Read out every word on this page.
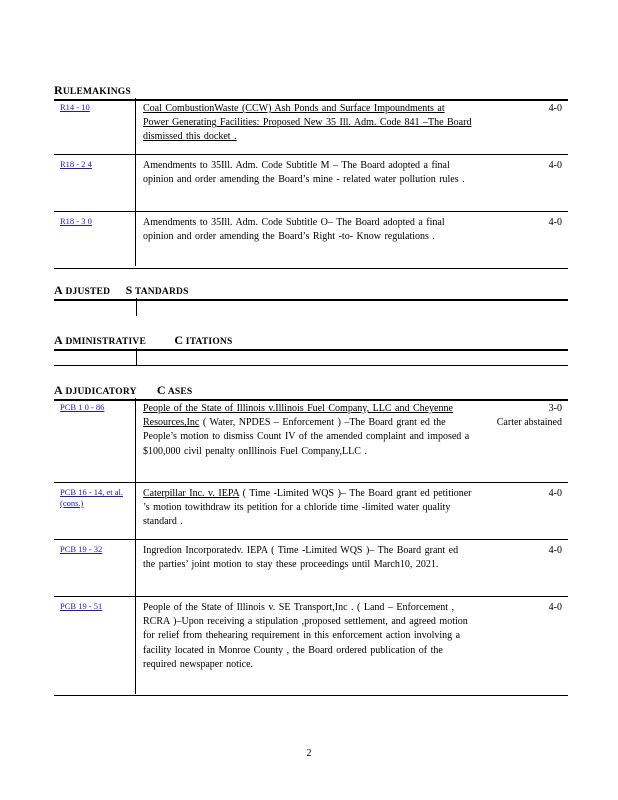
RULEMAKINGS
R14 - 10	Coal CombustionWaste (CCW) Ash Ponds and Surface Impoundments at Power Generating Facilities: Proposed New 35 Ill. Adm. Code 841 –The Board dismissed this docket .
4-0
R18 - 2 4	Amendments to 35Ill. Adm. Code Subtitle M – The Board adopted a final opinion and order amending the Board’s mine - related water pollution rules .
4-0
R18 - 3 0	Amendments to 35Ill. Adm. Code Subtitle O– The Board adopted a final opinion and order amending the Board’s Right -to- Know regulations .
4-0
A DJUSTED S TANDARDS
A DMINISTRATIVE C ITATIONS
A DJUDICATORY C ASES
PCB 1 0 - 86	People of the State of Illinois v.Illinois Fuel Company, LLC and Cheyenne Resources,Inc ( Water, NPDES – Enforcement ) –The Board grant ed the People’s motion to dismiss Count IV of the amended complaint and imposed a $100,000 civil penalty onIllinois Fuel Company,LLC .
3-0
Carter abstained
PCB 16 - 14, et al. (cons.)
Caterpillar Inc. v. IEPA ( Time -Limited WQS )– The Board grant ed petitioner ’s motion towithdraw its petition for a chloride time -limited water quality standard .
4-0
PCB 19 - 32	Ingredion Incorporatedv. IEPA ( Time -Limited WQS )– The Board grant ed the parties’ joint motion to stay these proceedings until March10, 2021.
4-0
PCB 19 - 51	People of the State of Illinois v. SE Transport,Inc . ( Land – Enforcement , RCRA )–Upon receiving a stipulation ,proposed settlement, and agreed motion for relief from thehearing requirement in this enforcement action involving a facility located in Monroe County , the Board ordered publication of the required newspaper notice.
4-0
2
